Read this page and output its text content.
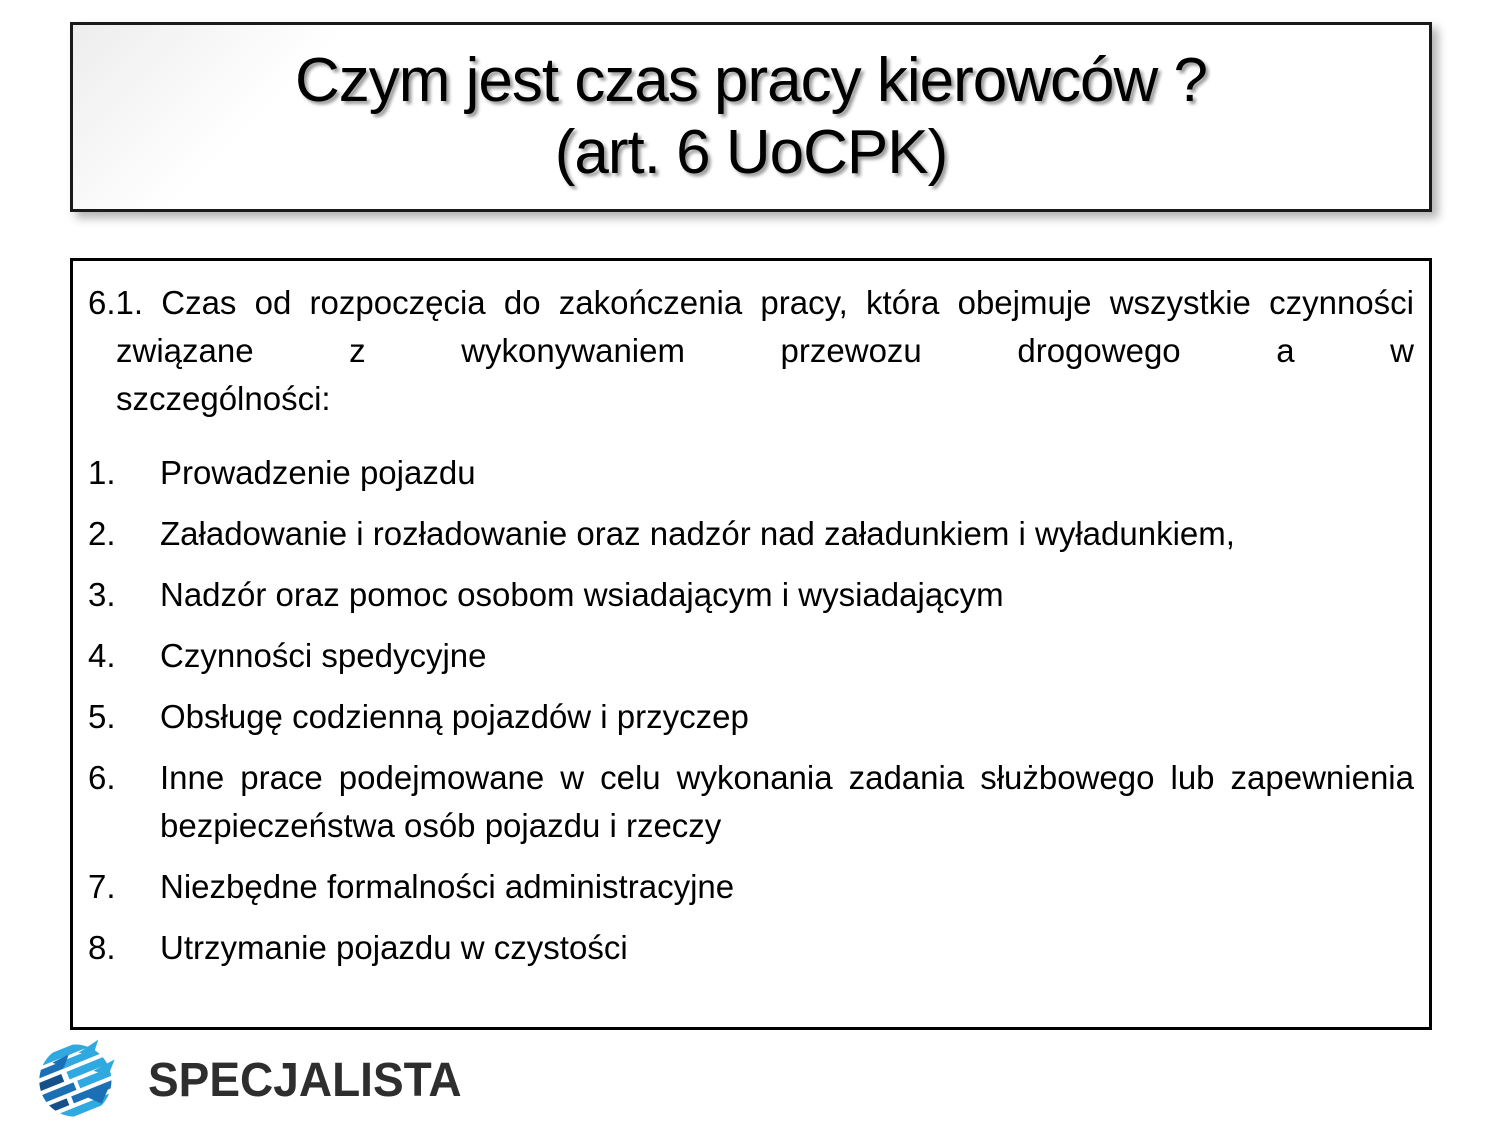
Czym jest czas pracy kierowców ?
(art. 6 UoCPK)
6.1. Czas od rozpoczęcia do zakończenia pracy, która obejmuje wszystkie czynności związane z wykonywaniem przewozu drogowego a w
szczególności:
1.	Prowadzenie pojazdu
2.	Załadowanie i rozładowanie oraz nadzór nad załadunkiem i wyładunkiem,
3.	Nadzór oraz pomoc osobom wsiadającym i wysiadającym
4.	Czynności spedycyjne
5.	Obsługę codzienną pojazdów i przyczep
6.	Inne prace podejmowane w celu wykonania zadania służbowego lub zapewnienia bezpieczeństwa osób pojazdu i rzeczy
7.	Niezbędne formalności administracyjne
8.	Utrzymanie pojazdu w czystości
SPECJALISTA
